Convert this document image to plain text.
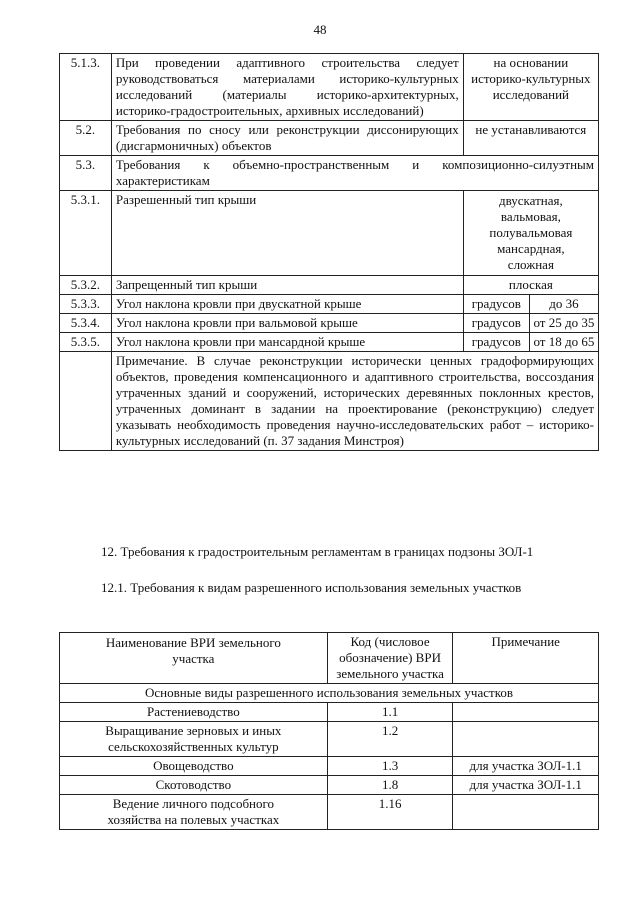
48
5.1.3.	При проведении адаптивного строительства следует руководствоваться материалами историко-культурных исследований (материалы историко-архитектурных, историко-градостроительных, архивных исследований)	на основании историко-культурных исследований	
5.2.	Требования по сносу или реконструкции диссонирующих (дисгармоничных) объектов	не устанавливаются	
5.3.	Требования к объемно-пространственным и композиционно-силуэтным характеристикам		
5.3.1.	Разрешенный тип крыши	двускатная, вальмовая, полувальмовая мансардная, сложная	
5.3.2.	Запрещенный тип крыши	плоская	
5.3.3.	Угол наклона кровли при двускатной крыше	градусов	до 36
5.3.4.	Угол наклона кровли при вальмовой крыше	градусов	от 25 до 35
5.3.5.	Угол наклона кровли при мансардной крыше	градусов	от 18 до 65
	Примечание. В случае реконструкции исторически ценных градоформирующих объектов, проведения компенсационного и адаптивного строительства, воссоздания утраченных зданий и сооружений, исторических деревянных поклонных крестов, утраченных доминант в задании на проектирование (реконструкцию) следует указывать необходимость проведения научно-исследовательских работ – историко-культурных исследований (п. 37 задания Минстроя)		
12. Требования к градостроительным регламентам в границах подзоны ЗОЛ-1
12.1. Требования к видам разрешенного использования земельных участков
Наименование ВРИ земельного участка	Код (числовое обозначение) ВРИ земельного участка	Примечание
Основные виды разрешенного использования земельных участков		
Растениеводство	1.1	
Выращивание зерновых и иных сельскохозяйственных культур	1.2	
Овощеводство	1.3	для участка ЗОЛ-1.1
Скотоводство	1.8	для участка ЗОЛ-1.1
Ведение личного подсобного хозяйства на полевых участках	1.16	
